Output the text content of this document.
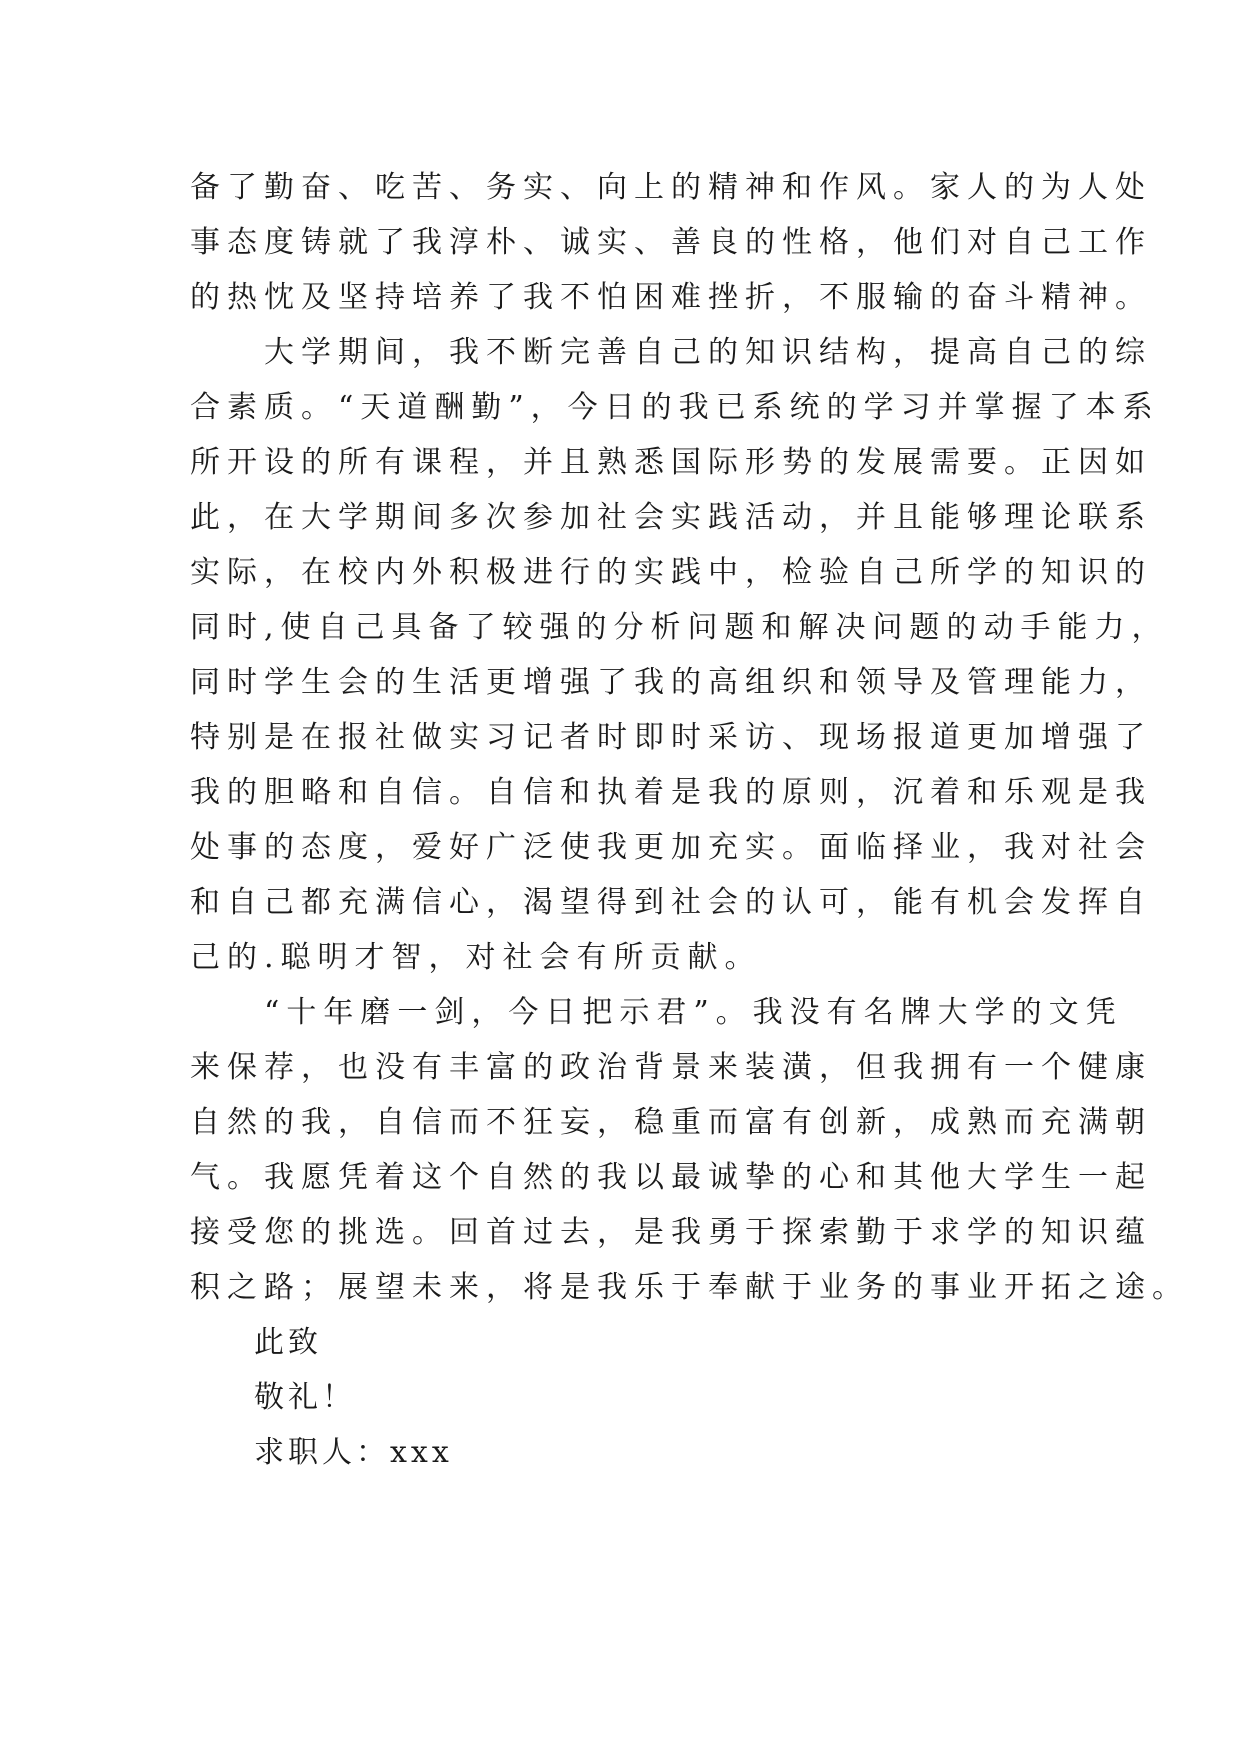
备了勤奋、吃苦、务实、向上的精神和作风。家人的为人处
事态度铸就了我淳朴、诚实、善良的性格，他们对自己工作
的热忱及坚持培养了我不怕困难挫折，不服输的奋斗精神。
　　大学期间，我不断完善自己的知识结构，提高自己的综
合素质。“天道酬勤”，今日的我已系统的学习并掌握了本系
所开设的所有课程，并且熟悉国际形势的发展需要。正因如
此，在大学期间多次参加社会实践活动，并且能够理论联系
实际，在校内外积极进行的实践中，检验自己所学的知识的
同时,使自己具备了较强的分析问题和解决问题的动手能力，
同时学生会的生活更增强了我的高组织和领导及管理能力，
特别是在报社做实习记者时即时采访、现场报道更加增强了
我的胆略和自信。自信和执着是我的原则，沉着和乐观是我
处事的态度，爱好广泛使我更加充实。面临择业，我对社会
和自己都充满信心，渴望得到社会的认可，能有机会发挥自
己的.聪明才智，对社会有所贡献。
　　“十年磨一剑，今日把示君”。我没有名牌大学的文凭
来保荐，也没有丰富的政治背景来装潢，但我拥有一个健康
自然的我，自信而不狂妄，稳重而富有创新，成熟而充满朝
气。我愿凭着这个自然的我以最诚挚的心和其他大学生一起
接受您的挑选。回首过去，是我勇于探索勤于求学的知识蕴
积之路；展望未来，将是我乐于奉献于业务的事业开拓之途。
此致
敬礼！
求职人：xxx
